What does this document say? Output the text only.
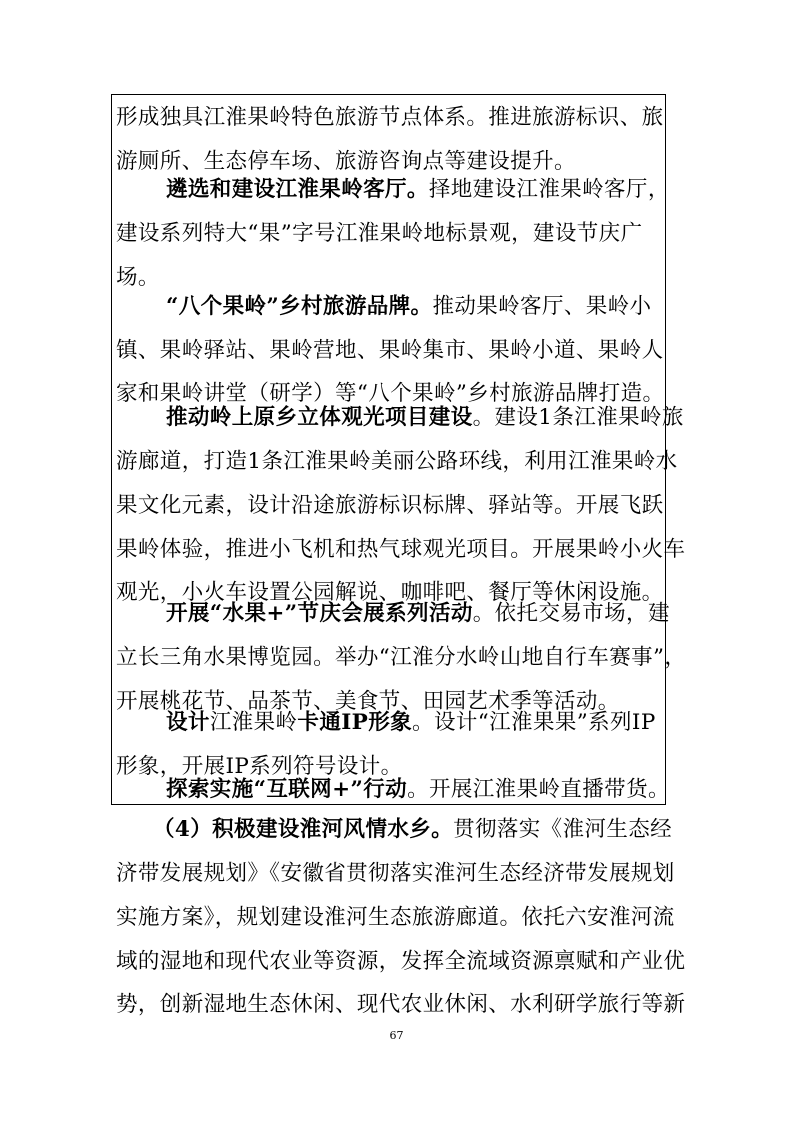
形成独具江淮果岭特色旅游节点体系。推进旅游标识、旅
游厕所、生态停车场、旅游咨询点等建设提升。
遴选和建设江淮果岭客厅。择地建设江淮果岭客厅，
建设系列特大“果”字号江淮果岭地标景观，建设节庆广
场。
“八个果岭”乡村旅游品牌。推动果岭客厅、果岭小
镇、果岭驿站、果岭营地、果岭集市、果岭小道、果岭人
家和果岭讲堂（研学）等“八个果岭”乡村旅游品牌打造。
推动岭上原乡立体观光项目建设。建设1条江淮果岭旅
游廊道，打造1条江淮果岭美丽公路环线，利用江淮果岭水
果文化元素，设计沿途旅游标识标牌、驿站等。开展飞跃
果岭体验，推进小飞机和热气球观光项目。开展果岭小火车
观光，小火车设置公园解说、咖啡吧、餐厅等休闲设施。
开展“水果+”节庆会展系列活动。依托交易市场，建
立长三角水果博览园。举办“江淮分水岭山地自行车赛事”，
开展桃花节、品茶节、美食节、田园艺术季等活动。
设计江淮果岭卡通IP形象。设计“江淮果果”系列IP
形象，开展IP系列符号设计。
探索实施“互联网+”行动。开展江淮果岭直播带货。
（4）积极建设淮河风情水乡。贯彻落实《淮河生态经
济带发展规划》《安徽省贯彻落实淮河生态经济带发展规划
实施方案》，规划建设淮河生态旅游廊道。依托六安淮河流
域的湿地和现代农业等资源，发挥全流域资源禀赋和产业优
势，创新湿地生态休闲、现代农业休闲、水利研学旅行等新
67
